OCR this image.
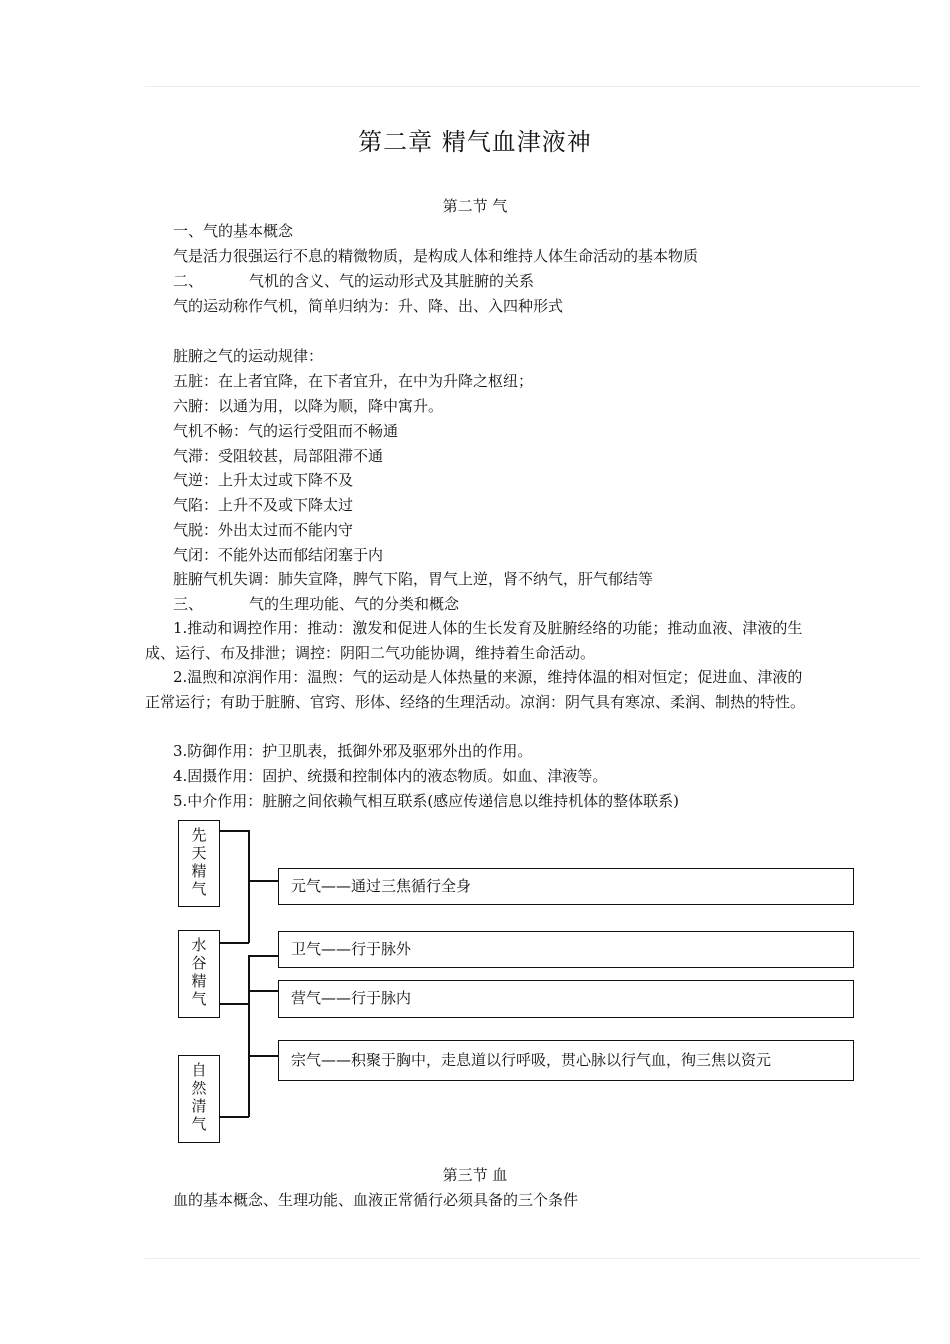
第二章 精气血津液神
第二节 气
一、气的基本概念
气是活力很强运行不息的精微物质，是构成人体和维持人体生命活动的基本物质
二、	气机的含义、气的运动形式及其脏腑的关系
气的运动称作气机，简单归纳为：升、降、出、入四种形式
脏腑之气的运动规律：
五脏：在上者宜降，在下者宜升，在中为升降之枢纽；
六腑：以通为用，以降为顺，降中寓升。
气机不畅：气的运行受阻而不畅通
气滞：受阻较甚，局部阻滞不通
气逆：上升太过或下降不及
气陷：上升不及或下降太过
气脱：外出太过而不能内守
气闭：不能外达而郁结闭塞于内
脏腑气机失调：肺失宣降，脾气下陷，胃气上逆，肾不纳气，肝气郁结等
三、	气的生理功能、气的分类和概念
1.推动和调控作用：推动：激发和促进人体的生长发育及脏腑经络的功能；推动血液、津液的生成、运行、布及排泄；调控：阴阳二气功能协调，维持着生命活动。
2.温煦和凉润作用：温煦：气的运动是人体热量的来源，维持体温的相对恒定；促进血、津液的正常运行；有助于脏腑、官窍、形体、经络的生理活动。凉润：阴气具有寒凉、柔润、制热的特性。
3.防御作用：护卫肌表，抵御外邪及驱邪外出的作用。
4.固摄作用：固护、统摄和控制体内的液态物质。如血、津液等。
5.中介作用：脏腑之间依赖气相互联系(感应传递信息以维持机体的整体联系)
先
天
精
气
水
谷
精
气
自
然
清
气
元气——通过三焦循行全身
卫气——行于脉外
营气——行于脉内
宗气——积聚于胸中，走息道以行呼吸，贯心脉以行气血，徇三焦以资元
第三节 血
血的基本概念、生理功能、血液正常循行必须具备的三个条件
